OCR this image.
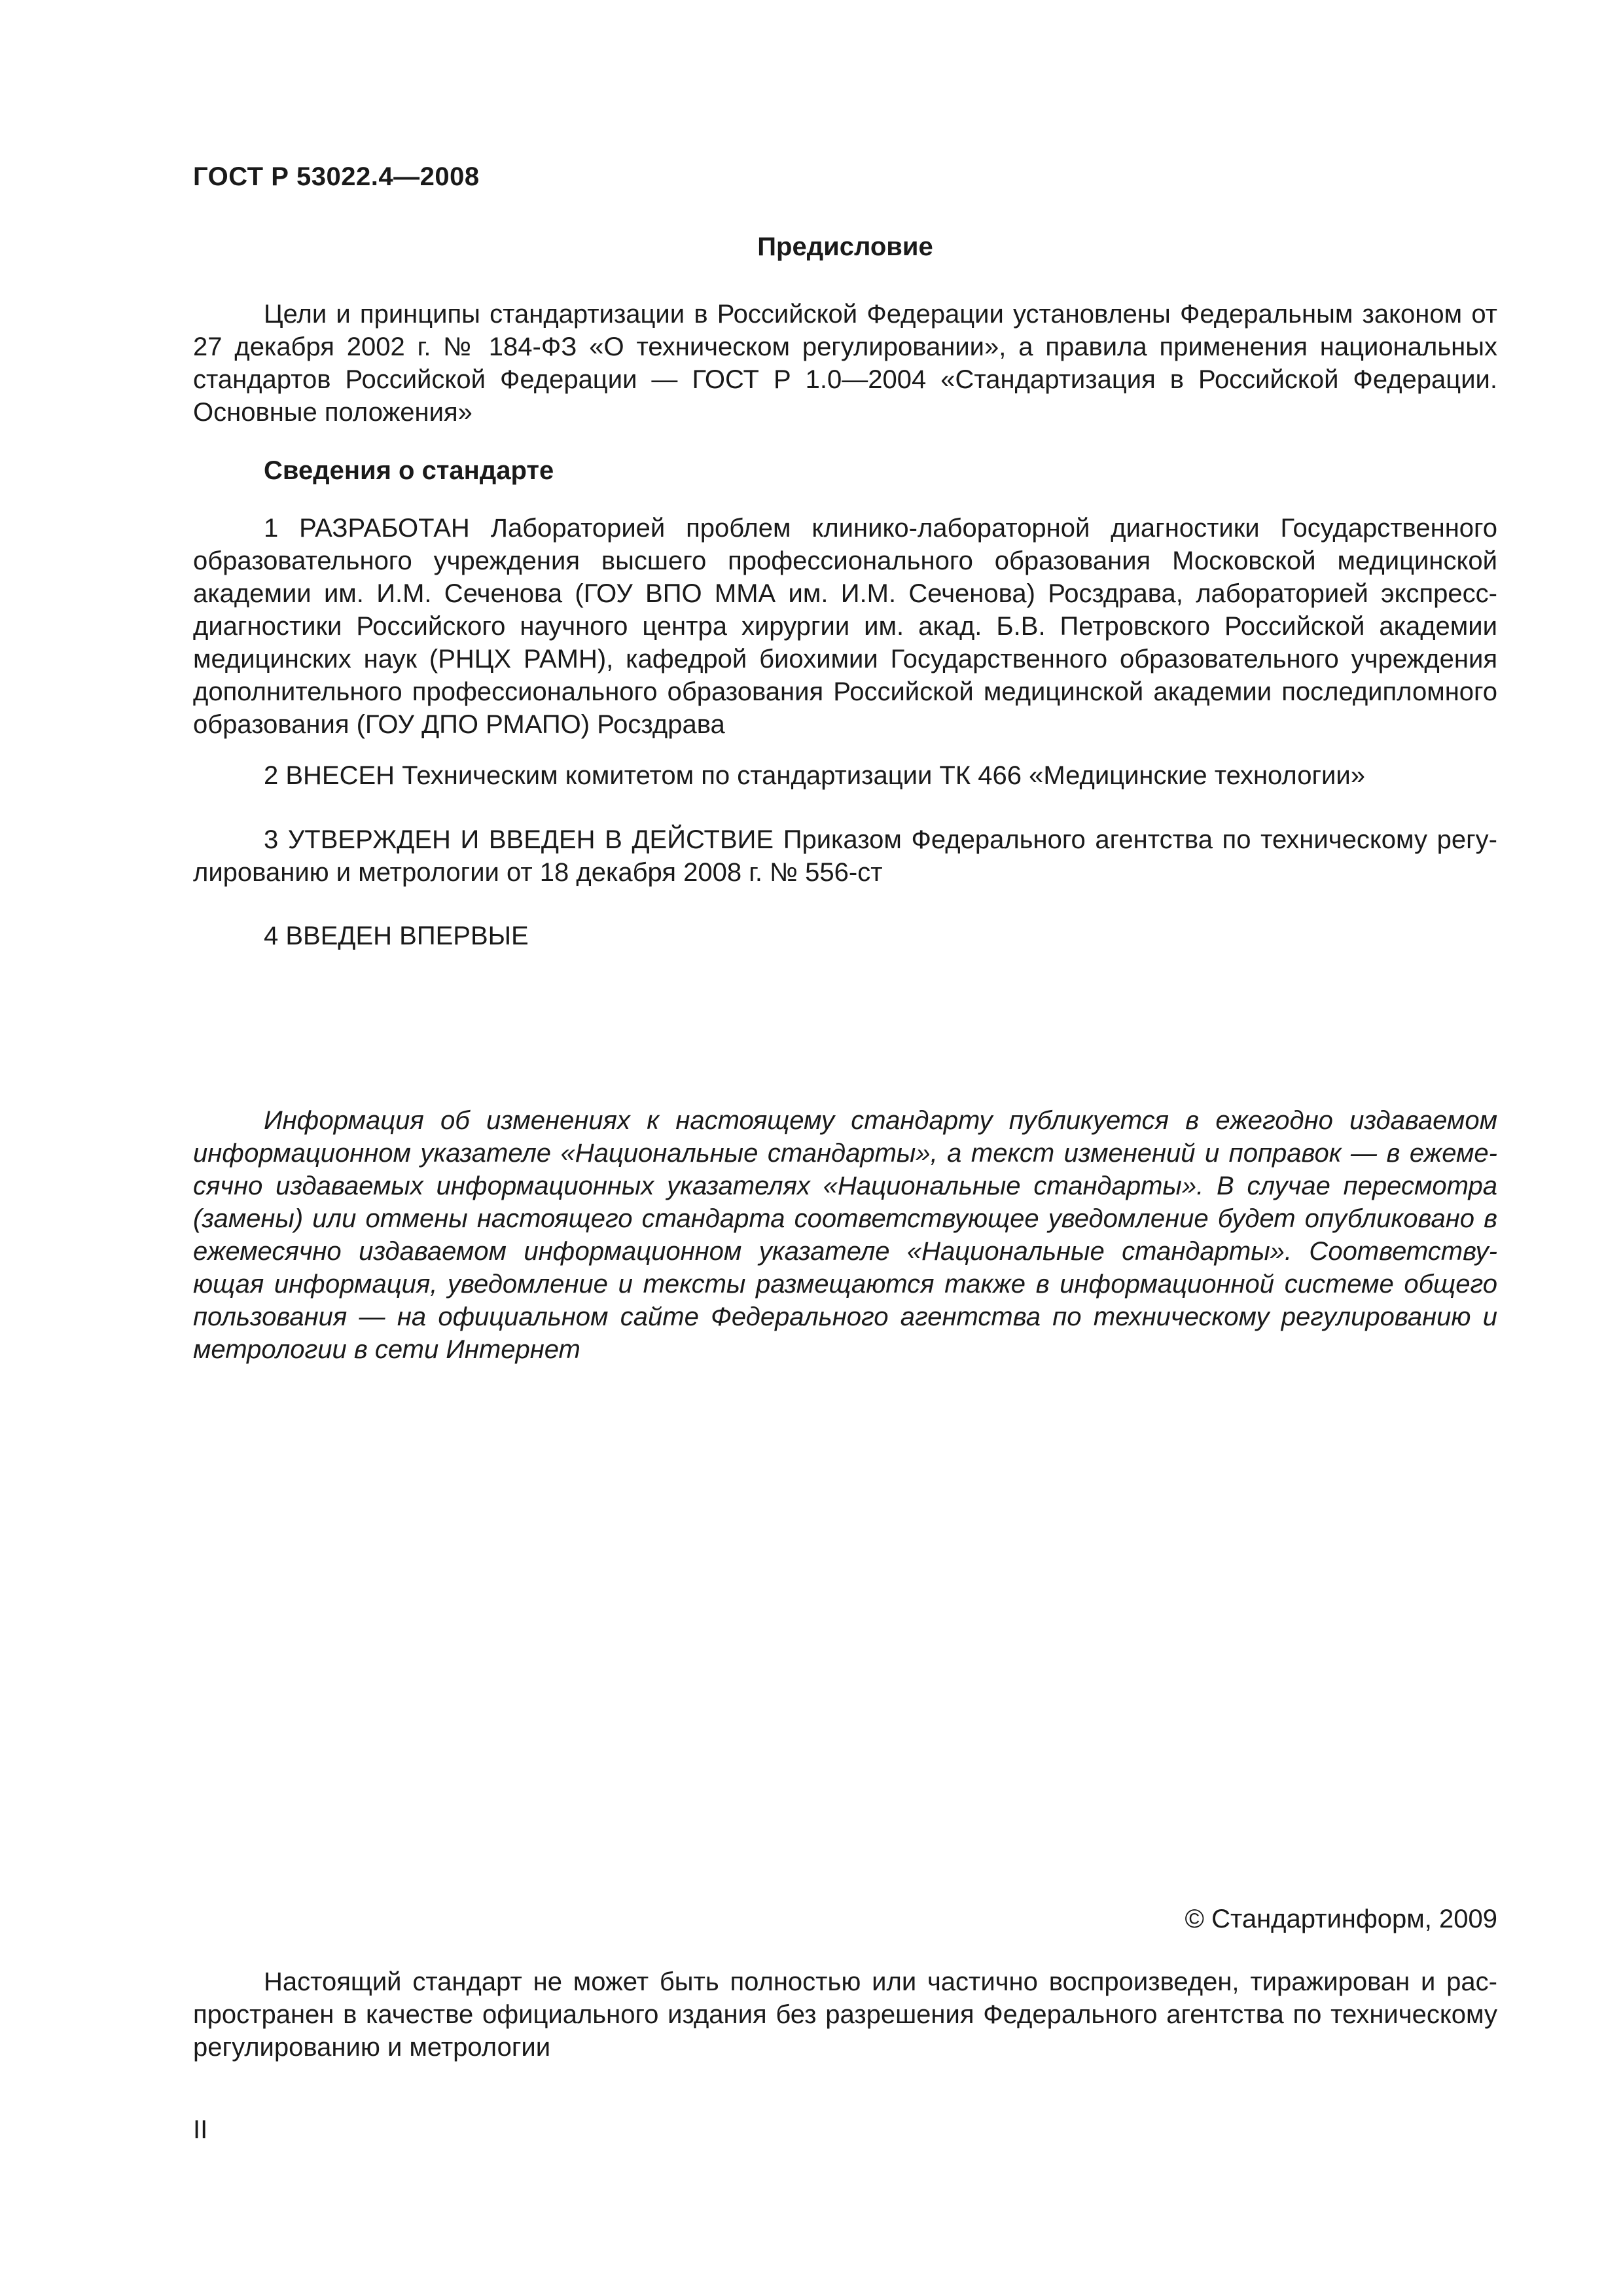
ГОСТ Р 53022.4—2008
Предисловие

Цели и принципы стандартизации в Российской Федерации установлены Федеральным законом от 27 декабря 2002 г. № 184-ФЗ «О техническом регулировании», а правила применения национальных стандартов Российской Федерации — ГОСТ Р 1.0—2004 «Стандартизация в Российской Федерации. Основные положения»

Сведения о стандарте

1 РАЗРАБОТАН Лабораторией проблем клинико-лабораторной диагностики Государственного образовательного учреждения высшего профессионального образования Московской медицинской академии им. И.М. Сеченова (ГОУ ВПО ММА им. И.М. Сеченова) Росздрава, лабораторией экспресс-диагностики Российского научного центра хирургии им. акад. Б.В. Петровского Российской академии медицинских наук (РНЦХ РАМН), кафедрой биохимии Государственного образовательного учреждения дополнительного профессионального образования Российской медицинской академии последипломного образования (ГОУ ДПО РМАПО) Росздрава

2 ВНЕСЕН Техническим комитетом по стандартизации ТК 466 «Медицинские технологии»

3 УТВЕРЖДЕН И ВВЕДЕН В ДЕЙСТВИЕ Приказом Федерального агентства по техническому регулированию и метрологии от 18 декабря 2008 г. № 556-ст

4 ВВЕДЕН ВПЕРВЫЕ

Информация об изменениях к настоящему стандарту публикуется в ежегодно издаваемом информационном указателе «Национальные стандарты», а текст изменений и поправок — в ежемесячно издаваемых информационных указателях «Национальные стандарты». В случае пересмотра (замены) или отмены настоящего стандарта соответствующее уведомление будет опубликовано в ежемесячно издаваемом информационном указателе «Национальные стандарты». Соответствующая информация, уведомление и тексты размещаются также в информационной системе общего пользования — на официальном сайте Федерального агентства по техническому регулированию и метрологии в сети Интернет

© Стандартинформ, 2009

Настоящий стандарт не может быть полностью или частично воспроизведен, тиражирован и распространен в качестве официального издания без разрешения Федерального агентства по техническому регулированию и метрологии

II
